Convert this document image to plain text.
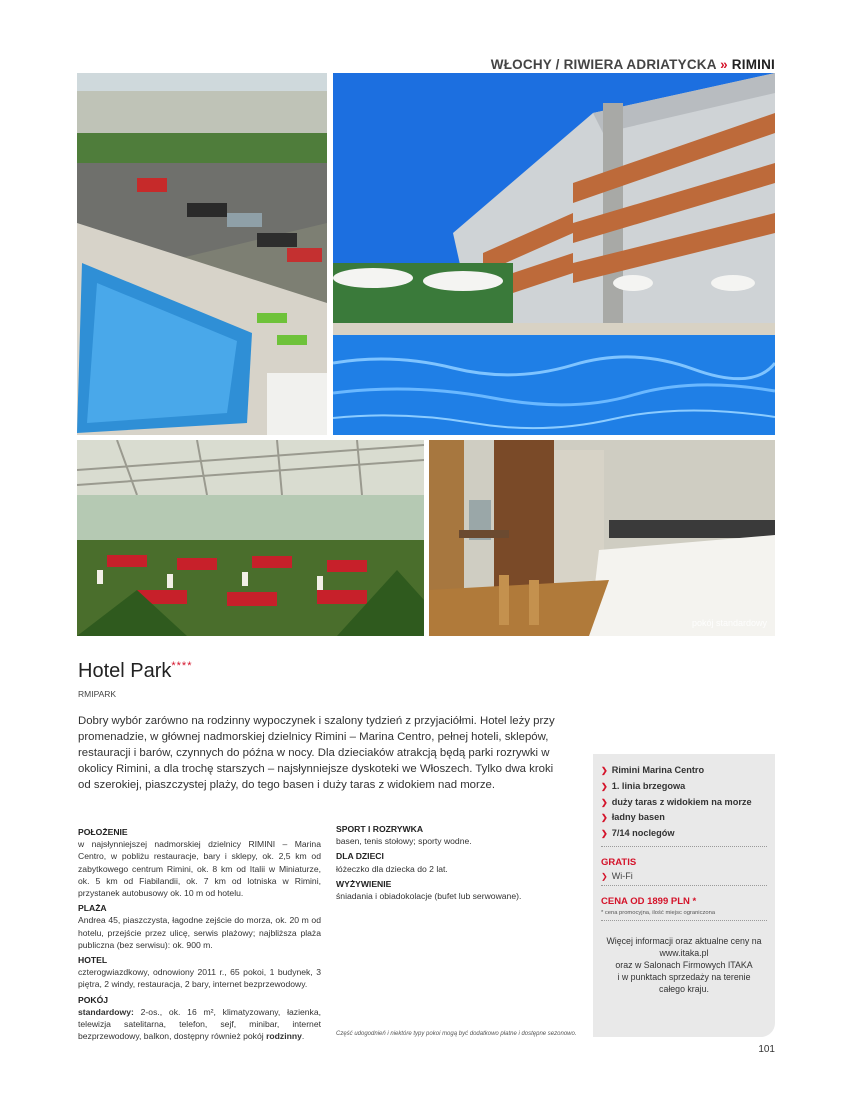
WŁOCHY / RIWIERA ADRIATYCKA » RIMINI
pokój standardowy
Hotel Park****
RMIPARK
Dobry wybór zarówno na rodzinny wypoczynek i szalony tydzień z przyjaciółmi. Hotel leży przy promenadzie, w głównej nadmorskiej dzielnicy Rimini – Marina Centro, pełnej hoteli, sklepów, restauracji i barów, czynnych do późna w nocy. Dla dzieciaków atrakcją będą parki rozrywki w okolicy Rimini, a dla trochę starszych – najsłynniejsze dyskoteki we Włoszech. Tylko dwa kroki od szerokiej, piaszczystej plaży, do tego basen i duży taras z widokiem nad morze.
POŁOŻENIE

w najsłynniejszej nadmorskiej dzielnicy RIMINI – Marina Centro, w pobliżu restauracje, bary i sklepy, ok. 2,5 km od zabytkowego centrum Rimini, ok. 8 km od Italii w Miniaturze, ok. 5 km od Fiabilandii, ok. 7 km od lotniska w Rimini, przystanek autobusowy ok. 10 m od hotelu.

PLAŻA

Andrea 45, piaszczysta, łagodne zejście do morza, ok. 20 m od hotelu, przejście przez ulicę, serwis plażowy; najbliższa plaża publiczna (bez serwisu): ok. 900 m.

HOTEL

czterogwiazdkowy, odnowiony 2011 r., 65 pokoi, 1 budynek, 3 piętra, 2 windy, restauracja, 2 bary, internet bezprzewodowy.

POKÓJ

standardowy: 2-os., ok. 16 m², klimatyzowany, łazienka, telewizja satelitarna, telefon, sejf, minibar, internet bezprzewodowy, balkon, dostępny również pokój rodzinny.

SPORT I ROZRYWKA

basen, tenis stołowy; sporty wodne.

DLA DZIECI

łóżeczko dla dziecka do 2 lat.

WYŻYWIENIE

śniadania i obiadokolacje (bufet lub serwowane).

Część udogodnień i niektóre typy pokoi mogą być dodatkowo płatne i dostępne sezonowo.
❯ Rimini Marina Centro
❯ 1. linia brzegowa
❯ duży taras z widokiem na morze
❯ ładny basen
❯ 7/14 noclegów
GRATIS
❯ Wi-Fi
CENA OD 1899 PLN *
* cena promocyjna, ilość miejsc ograniczona
Więcej informacji oraz aktualne ceny na
www.itaka.pl
oraz w Salonach Firmowych ITAKA
i w punktach sprzedaży na terenie
całego kraju.
101
